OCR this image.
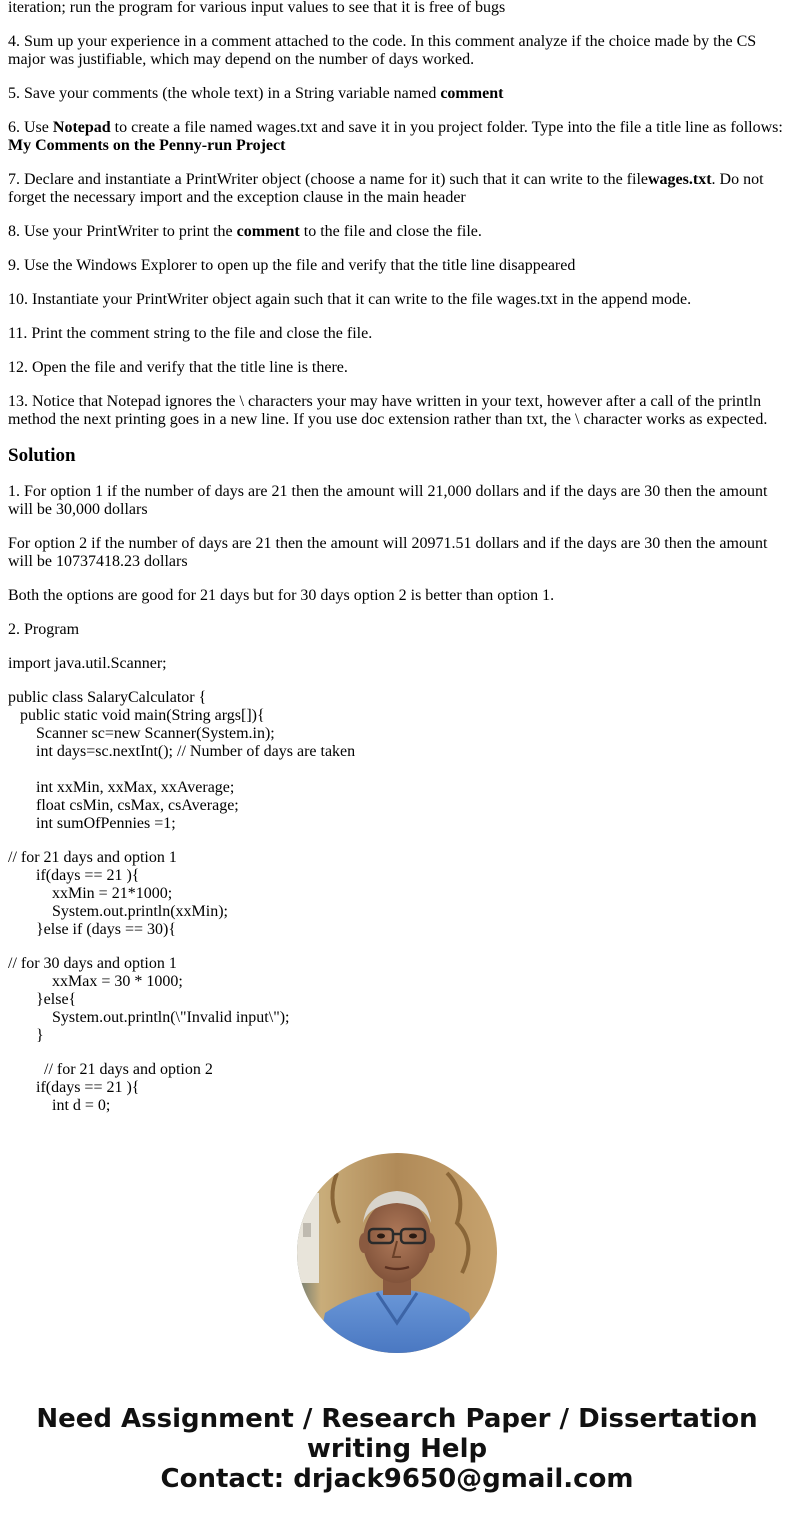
iteration; run the program for various input values to see that it is free of bugs

4. Sum up your experience in a comment attached to the code. In this comment analyze if the choice made by the CS major was justifiable, which may depend on the number of days worked.

5. Save your comments (the whole text) in a String variable named comment

6. Use Notepad to create a file named wages.txt and save it in you project folder. Type into the file a title line as follows: My Comments on the Penny-run Project

7. Declare and instantiate a PrintWriter object (choose a name for it) such that it can write to the filewages.txt. Do not forget the necessary import and the exception clause in the main header

8. Use your PrintWriter to print the comment to the file and close the file.

9. Use the Windows Explorer to open up the file and verify that the title line disappeared

10. Instantiate your PrintWriter object again such that it can write to the file wages.txt in the append mode.

11. Print the comment string to the file and close the file.

12. Open the file and verify that the title line is there.

13. Notice that Notepad ignores the \ characters your may have written in your text, however after a call of the println method the next printing goes in a new line. If you use doc extension rather than txt, the \ character works as expected.

Solution

1. For option 1 if the number of days are 21 then the amount will 21,000 dollars and if the days are 30 then the amount will be 30,000 dollars

For option 2 if the number of days are 21 then the amount will 20971.51 dollars and if the days are 30 then the amount will be 10737418.23 dollars

Both the options are good for 21 days but for 30 days option 2 is better than option 1.

2. Program

import java.util.Scanner;

public class SalaryCalculator {
public static void main(String args[]){
Scanner sc=new Scanner(System.in);
int days=sc.nextInt(); // Number of days are taken
int xxMin, xxMax, xxAverage;
float csMin, csMax, csAverage;
int sumOfPennies =1;
// for 21 days and option 1
if(days == 21 ){
xxMin = 21*1000;
System.out.println(xxMin);
}else if (days == 30){
// for 30 days and option 1
xxMax = 30 * 1000;
}else{
System.out.println(\"Invalid input\");
}
// for 21 days and option 2
if(days == 21 ){
int d = 0;
Need Assignment / Research Paper / Dissertation
writing Help
Contact: drjack9650@gmail.com
